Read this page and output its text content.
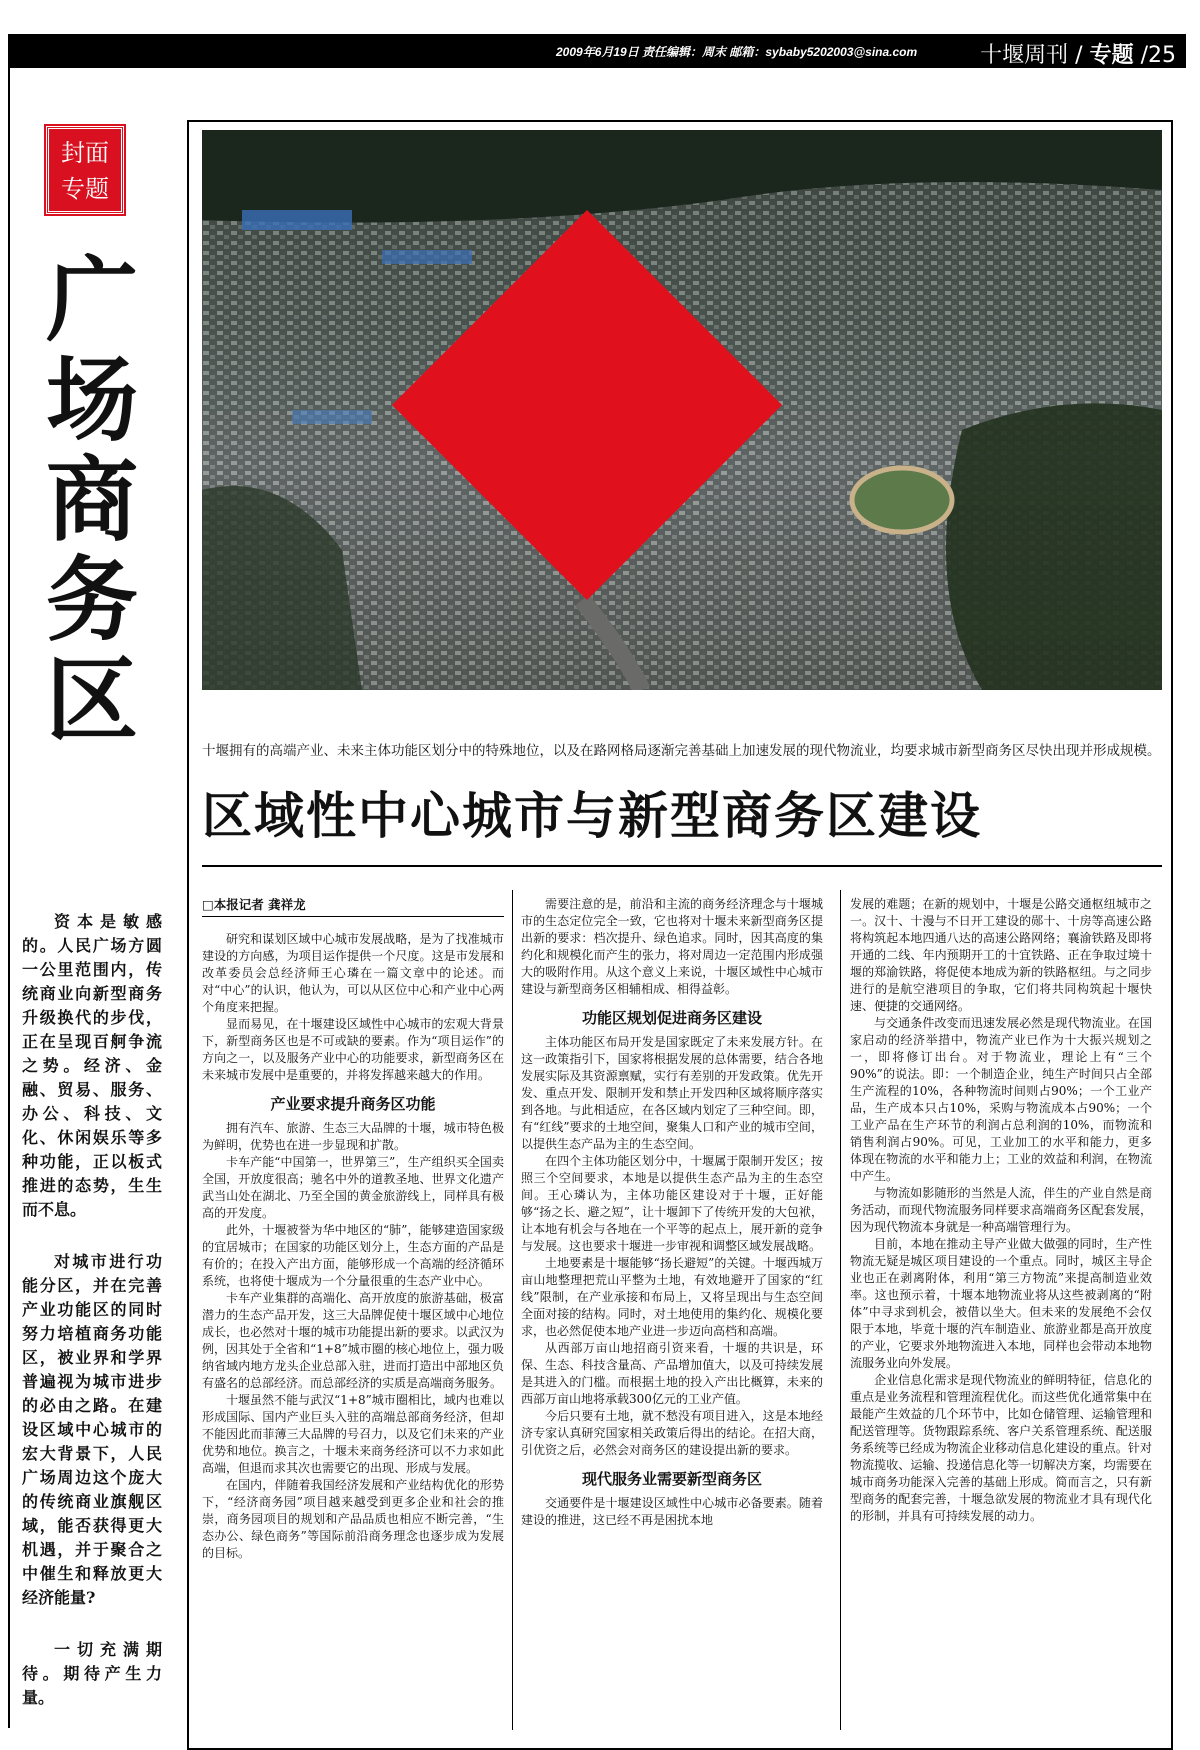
2009年6月19日 责任编辑：周末 邮箱：sybaby5202003@sina.com	十堰周刊 / 专题 /25
封面
专题
广
场
商
务
区	十堰拥有的高端产业、未来主体功能区划分中的特殊地位，以及在路网格局逐渐完善基础上加速发展的现代物流业，均要求城市新型商务区尽快出现并形成规模。
区域性中心城市与新型商务区建设

资本是敏感的。人民广场方圆一公里范围内，传统商业向新型商务升级换代的步伐，正在呈现百舸争流之势。经济、金融、贸易、服务、办公、科技、文化、休闲娱乐等多种功能，正以板式推进的态势，生生而不息。

对城市进行功能分区，并在完善产业功能区的同时努力培植商务功能区，被业界和学界普遍视为城市进步的必由之路。在建设区域中心城市的宏大背景下，人民广场周边这个庞大的传统商业旗舰区域，能否获得更大机遇，并于聚合之中催生和释放更大经济能量?

一切充满期待。期待产生力量。

□本报记者 龚祥龙

研究和谋划区域中心城市发展战略，是为了找准城市建设的方向感，为项目运作提供一个尺度。这是市发展和改革委员会总经济师王心璘在一篇文章中的论述。而对“中心”的认识，他认为，可以从区位中心和产业中心两个角度来把握。

显而易见，在十堰建设区域性中心城市的宏观大背景下，新型商务区也是不可或缺的要素。作为“项目运作”的方向之一，以及服务产业中心的功能要求，新型商务区在未来城市发展中是重要的，并将发挥越来越大的作用。

产业要求提升商务区功能

拥有汽车、旅游、生态三大品牌的十堰，城市特色极为鲜明，优势也在进一步显现和扩散。

卡车产能“中国第一，世界第三”，生产组织买全国卖全国，开放度很高；驰名中外的道教圣地、世界文化遗产武当山处在湖北、乃至全国的黄金旅游线上，同样具有极高的开发度。

此外，十堰被誉为华中地区的“肺”，能够建造国家级的宜居城市；在国家的功能区划分上，生态方面的产品是有价的；在投入产出方面，能够形成一个高端的经济循环系统，也将使十堰成为一个分量很重的生态产业中心。

卡车产业集群的高端化、高开放度的旅游基础，极富潜力的生态产品开发，这三大品牌促使十堰区域中心地位成长，也必然对十堰的城市功能提出新的要求。以武汉为例，因其处于全省和“1+8”城市圈的核心地位上，强力吸纳省域内地方龙头企业总部入驻，进而打造出中部地区负有盛名的总部经济。而总部经济的实质是高端商务服务。

十堰虽然不能与武汉“1+8”城市圈相比，域内也难以形成国际、国内产业巨头入驻的高端总部商务经济，但却不能因此而菲薄三大品牌的号召力，以及它们未来的产业优势和地位。换言之，十堰未来商务经济可以不力求如此高端，但退而求其次也需要它的出现、形成与发展。

在国内，伴随着我国经济发展和产业结构优化的形势下，“经济商务园”项目越来越受到更多企业和社会的推崇，商务园项目的规划和产品品质也相应不断完善，“生态办公、绿色商务”等国际前沿商务理念也逐步成为发展的目标。

需要注意的是，前沿和主流的商务经济理念与十堰城市的生态定位完全一致，它也将对十堰未来新型商务区提出新的要求：档次提升、绿色追求。同时，因其高度的集约化和规模化而产生的张力，将对周边一定范围内形成强大的吸附作用。从这个意义上来说，十堰区域性中心城市建设与新型商务区相辅相成、相得益彰。

功能区规划促进商务区建设

主体功能区布局开发是国家既定了未来发展方针。在这一政策指引下，国家将根据发展的总体需要，结合各地发展实际及其资源禀赋，实行有差别的开发政策。优先开发、重点开发、限制开发和禁止开发四种区域将顺序落实到各地。与此相适应，在各区域内划定了三种空间。即，有“红线”要求的土地空间，聚集人口和产业的城市空间，以提供生态产品为主的生态空间。

在四个主体功能区划分中，十堰属于限制开发区；按照三个空间要求，本地是以提供生态产品为主的生态空间。王心璘认为，主体功能区建设对于十堰，正好能够“扬之长、避之短”，让十堰卸下了传统开发的大包袱，让本地有机会与各地在一个平等的起点上，展开新的竞争与发展。这也要求十堰进一步审视和调整区域发展战略。

土地要素是十堰能够“扬长避短”的关键。十堰西城万亩山地整理把荒山平整为土地，有效地避开了国家的“红线”限制，在产业承接和布局上，又将呈现出与生态空间全面对接的结构。同时，对土地使用的集约化、规模化要求，也必然促使本地产业进一步迈向高档和高端。

从西部万亩山地招商引资来看，十堰的共识是，环保、生态、科技含量高、产品增加值大，以及可持续发展是其进入的门槛。而根据土地的投入产出比概算，未来的西部万亩山地将承载300亿元的工业产值。

今后只要有土地，就不愁没有项目进入，这是本地经济专家认真研究国家相关政策后得出的结论。在招大商，引优资之后，必然会对商务区的建设提出新的要求。

现代服务业需要新型商务区

交通要件是十堰建设区域性中心城市必备要素。随着建设的推进，这已经不再是困扰本地

发展的难题；在新的规划中，十堰是公路交通枢纽城市之一。汉十、十漫与不日开工建设的郧十、十房等高速公路将构筑起本地四通八达的高速公路网络；襄渝铁路及即将开通的二线、年内预期开工的十宜铁路、正在争取过境十堰的郑渝铁路，将促使本地成为新的铁路枢纽。与之同步进行的是航空港项目的争取，它们将共同构筑起十堰快速、便捷的交通网络。

与交通条件改变而迅速发展必然是现代物流业。在国家启动的经济举措中，物流产业已作为十大振兴规划之一，即将修订出台。对于物流业，理论上有“三个90%”的说法。即：一个制造企业，纯生产时间只占全部生产流程的10%，各种物流时间则占90%；一个工业产品，生产成本只占10%，采购与物流成本占90%；一个工业产品在生产环节的利润占总利润的10%，而物流和销售利润占90%。可见，工业加工的水平和能力，更多体现在物流的水平和能力上；工业的效益和利润，在物流中产生。

与物流如影随形的当然是人流，伴生的产业自然是商务活动，而现代物流服务同样要求高端商务区配套发展，因为现代物流本身就是一种高端管理行为。

目前，本地在推动主导产业做大做强的同时，生产性物流无疑是城区项目建设的一个重点。同时，城区主导企业也正在剥离附体，利用“第三方物流”来提高制造业效率。这也预示着，十堰本地物流业将从这些被剥离的“附体”中寻求到机会，被借以坐大。但未来的发展绝不会仅限于本地，毕竟十堰的汽车制造业、旅游业都是高开放度的产业，它要求外地物流进入本地，同样也会带动本地物流服务业向外发展。

企业信息化需求是现代物流业的鲜明特征，信息化的重点是业务流程和管理流程优化。而这些优化通常集中在最能产生效益的几个环节中，比如仓储管理、运输管理和配送管理等。货物跟踪系统、客户关系管理系统、配送服务系统等已经成为物流企业移动信息化建设的重点。针对物流揽收、运输、投递信息化等一切解决方案，均需要在城市商务功能深入完善的基础上形成。简而言之，只有新型商务的配套完善，十堰急欲发展的物流业才具有现代化的形制，并具有可持续发展的动力。
